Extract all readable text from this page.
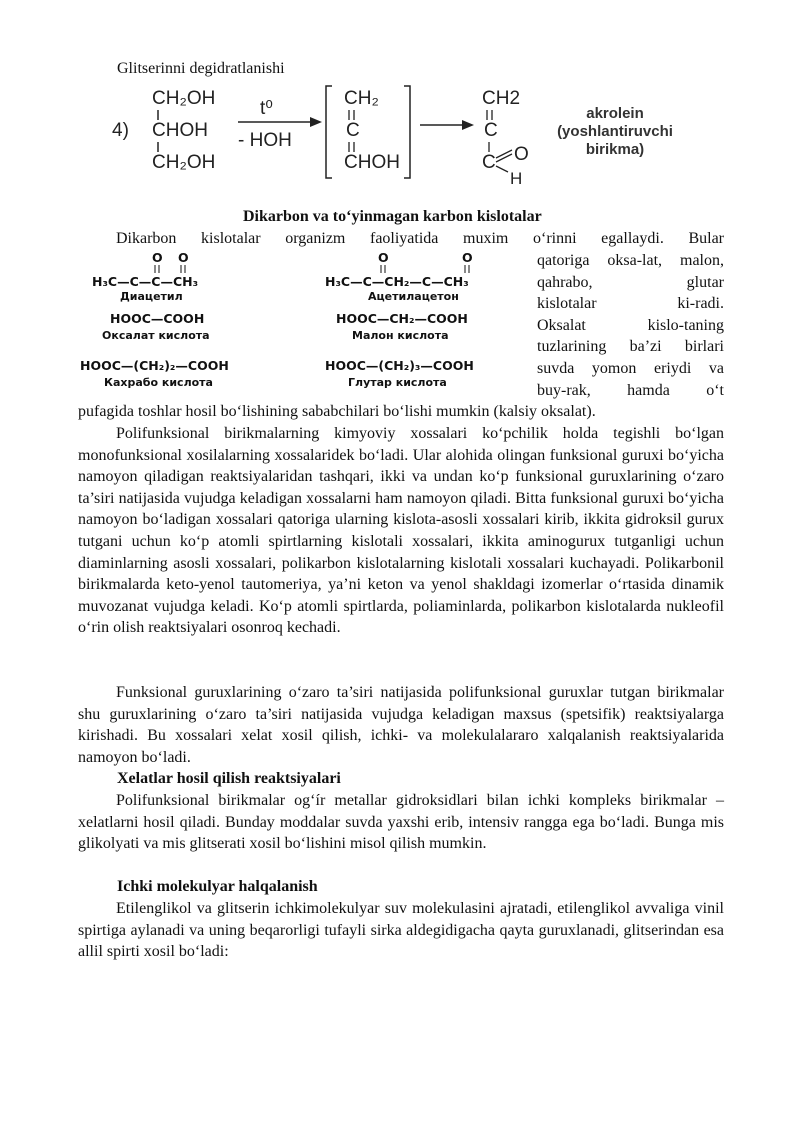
Glitserinni degidratlanishi
4)
CH₂OH
CHOH
CH₂OH
t⁰
- HOH
CH₂
C
CHOH
CH2
C
C O
H
akrolein
(yoshlantiruvchi
birikma)
Dikarbon va to‘yinmagan karbon kislotalar
Dikarbon kislotalar organizm faoliyatida muxim o‘rinni egallaydi. Bular
O O
H₃C—C—C—CH₃
Диацетил
O	O
H₃C—C—CH₂—C—CH₃
Ацетилацетон
HOOC—COOH
Оксалат кислота
HOOC—CH₂—COOH
Малон кислота
HOOC—(CH₂)₂—COOH
Кахрабо кислота
HOOC—(CH₂)₃—COOH
Глутар кислота
qatoriga oksa-lat, malon,
qahrabo, glutar
kislotalar ki-radi.
Oksalat kislo-taning
tuzlarining ba’zi birlari
suvda yomon eriydi va
buy-rak, hamda o‘t
pufagida toshlar hosil bo‘lishining sababchilari bo‘lishi mumkin (kalsiy oksalat).

Polifunksional birikmalarning kimyoviy xossalari ko‘pchilik holda tegishli bo‘lgan monofunksional xosilalarning xossalaridek bo‘ladi. Ular alohida olingan funksional guruxi bo‘yicha namoyon qiladigan reaktsiyalaridan tashqari, ikki va undan ko‘p funksional guruxlarining o‘zaro ta’siri natijasida vujudga keladigan xossalarni ham namoyon qiladi. Bitta funksional guruxi bo‘yicha namoyon bo‘ladigan xossalari qatoriga ularning kislota-asosli xossalari kirib, ikkita gidroksil gurux tutgani uchun ko‘p atomli spirtlarning kislotali xossalari, ikkita aminogurux tutganligi uchun diaminlarning asosli xossalari, polikarbon kislotalarning kislotali xossalari kuchayadi. Polikarbonil birikmalarda keto-yenol tautomeriya, ya’ni keton va yenol shakldagi izomerlar o‘rtasida dinamik muvozanat vujudga keladi. Ko‘p atomli spirtlarda, poliaminlarda, polikarbon kislotalarda nukleofil o‘rin olish reaktsiyalari osonroq kechadi.

Funksional guruxlarining o‘zaro ta’siri natijasida polifunksional guruxlar tutgan birikmalar shu guruxlarining o‘zaro ta’siri natijasida vujudga keladigan maxsus (spetsifik) reaktsiyalarga kirishadi. Bu xossalari xelat xosil qilish, ichki- va molekulalararo xalqalanish reaktsiyalarida namoyon bo‘ladi.

Xelatlar hosil qilish reaktsiyalari

Polifunksional birikmalar og‘ír metallar gidroksidlari bilan ichki kompleks birikmalar – xelatlarni hosil qiladi. Bunday moddalar suvda yaxshi erib, intensiv rangga ega bo‘ladi. Bunga mis glikolyati va mis glitserati xosil bo‘lishini misol qilish mumkin.

Ichki molekulyar halqalanish

Etilenglikol va glitserin ichkimolekulyar suv molekulasini ajratadi, etilenglikol avvaliga vinil spirtiga aylanadi va uning beqarorligi tufayli sirka aldegidigacha qayta guruxlanadi, glitserindan esa allil spirti xosil bo‘ladi:
